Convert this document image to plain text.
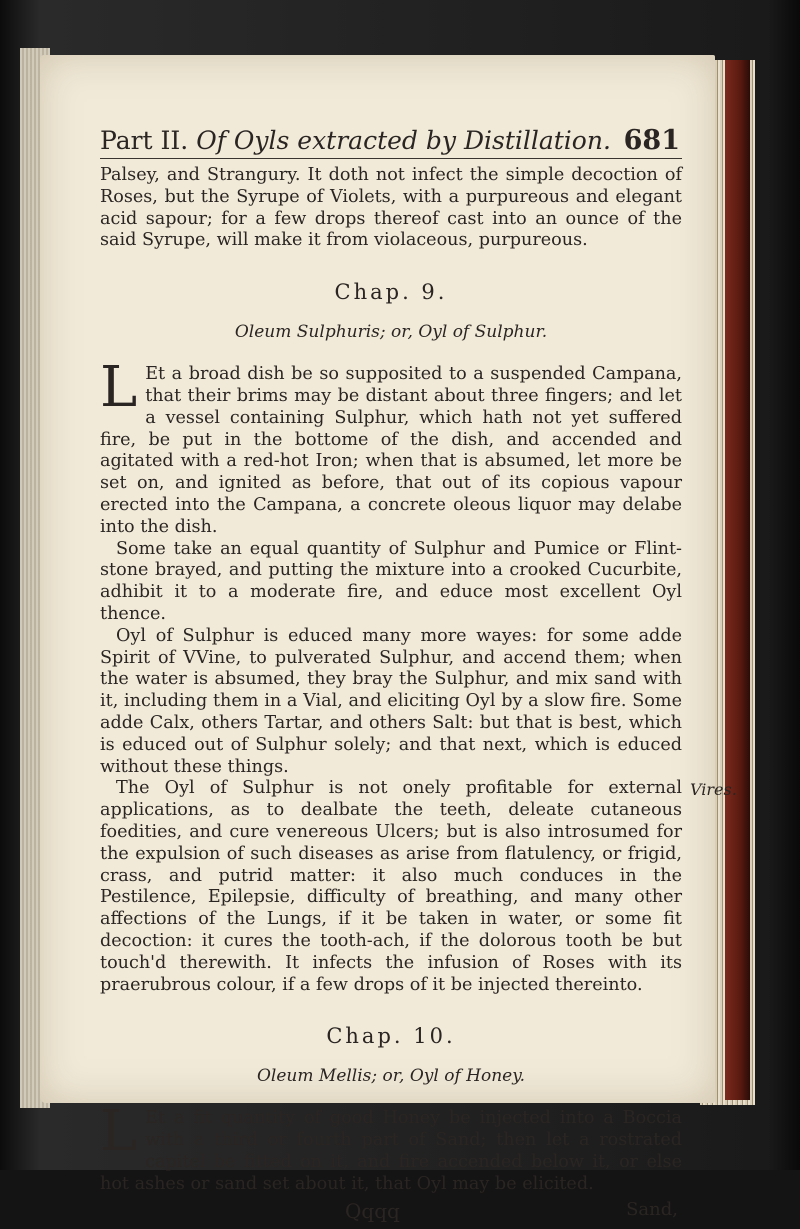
Part II. Of Oyls extracted by Distillation. 681

Palsey, and Strangury. It doth not infect the simple decoction of Roses, but the Syrupe of Violets, with a purpureous and elegant acid sapour; for a few drops thereof cast into an ounce of the said Syrupe, will make it from violaceous, purpureous.

Chap. 9.
Oleum Sulphuris; or, Oyl of Sulphur.
L Et a broad dish be so supposited to a suspended Campana, that their brims may be distant about three fingers; and let a vessel containing Sulphur, which hath not yet suffered fire, be put in the bottome of the dish, and accended and agitated with a red-hot Iron; when that is absumed, let more be set on, and ignited as before, that out of its copious vapour erected into the Campana, a concrete oleous liquor may delabe into the dish.

Some take an equal quantity of Sulphur and Pumice or Flint-stone brayed, and putting the mixture into a crooked Cucurbite, adhibit it to a moderate fire, and educe most excellent Oyl thence.

Oyl of Sulphur is educed many more wayes: for some adde Spirit of VVine, to pulverated Sulphur, and accend them; when the water is absumed, they bray the Sulphur, and mix sand with it, including them in a Vial, and eliciting Oyl by a slow fire. Some adde Calx, others Tartar, and others Salt: but that is best, which is educed out of Sulphur solely; and that next, which is educed without these things.

Vires.

The Oyl of Sulphur is not onely profitable for external applications, as to dealbate the teeth, deleate cutaneous foedities, and cure venereous Ulcers; but is also introsumed for the expulsion of such diseases as arise from flatulency, or frigid, crass, and putrid matter: it also much conduces in the Pestilence, Epilepsie, difficulty of breathing, and many other affections of the Lungs, if it be taken in water, or some fit decoction: it cures the tooth-ach, if the dolorous tooth be but touch'd therewith. It infects the infusion of Roses with its praerubrous colour, if a few drops of it be injected thereinto.

Chap. 10.
Oleum Mellis; or, Oyl of Honey.
L Et a fit quantity of good Honey be injected into a Boccia with a third or fourth part of Sand; then let a rostrated capitel be fitted on it, and fire accended below it, or else hot ashes or sand set about it, that Oyl may be elicited.

Qqqq	Sand,
